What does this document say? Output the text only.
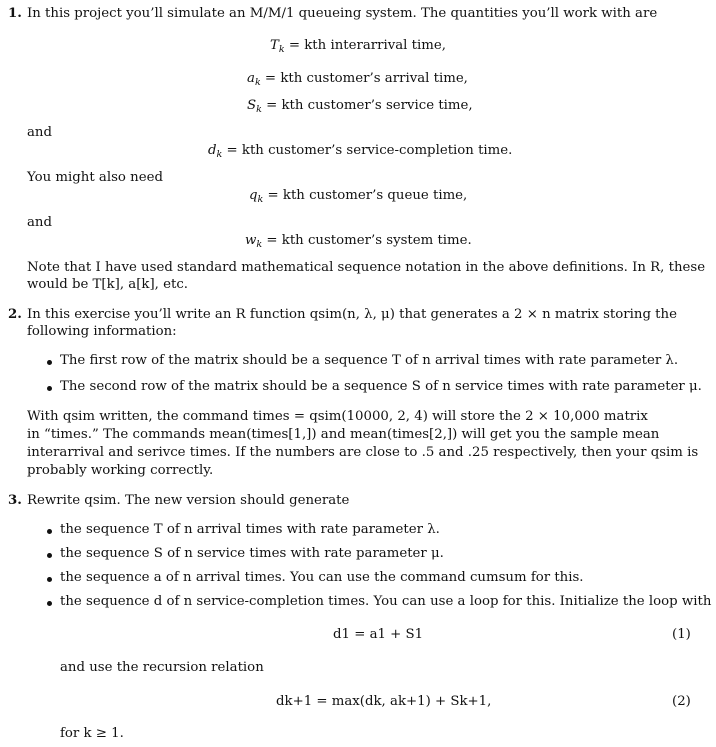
1. In this project you’ll simulate an M/M/1 queueing system. The quantities you’ll work with are
$T_k$ = kth interarrival time,
$a_k$ = kth customer’s arrival time,
$S_k$ = kth customer’s service time,
and
$d_k$ = kth customer’s service-completion time.
You might also need
$q_k$ = kth customer’s queue time,
and
$w_k$ = kth customer’s system time.
Note that I have used standard mathematical sequence notation in the above definitions. In R, these
would be T[k], a[k], etc.
2. In this exercise you’ll write an R function qsim(n, λ, μ) that generates a 2 × n matrix storing the
following information:
The first row of the matrix should be a sequence T of n arrival times with rate parameter λ.
The second row of the matrix should be a sequence S of n service times with rate parameter μ.
With qsim written, the command times = qsim(10000, 2, 4) will store the 2 × 10,000 matrix
in “times.” The commands mean(times[1,]) and mean(times[2,]) will get you the sample mean
interarrival and serivce times. If the numbers are close to .5 and .25 respectively, then your qsim is
probably working correctly.
3. Rewrite qsim. The new version should generate
the sequence T of n arrival times with rate parameter λ.
the sequence S of n service times with rate parameter μ.
the sequence a of n arrival times. You can use the command cumsum for this.
the sequence d of n service-completion times. You can use a loop for this. Initialize the loop with
d1 = a1 + S1	(1)
and use the recursion relation
dk+1 = max(dk, ak+1) + Sk+1,	(2)
for k ≥ 1.
